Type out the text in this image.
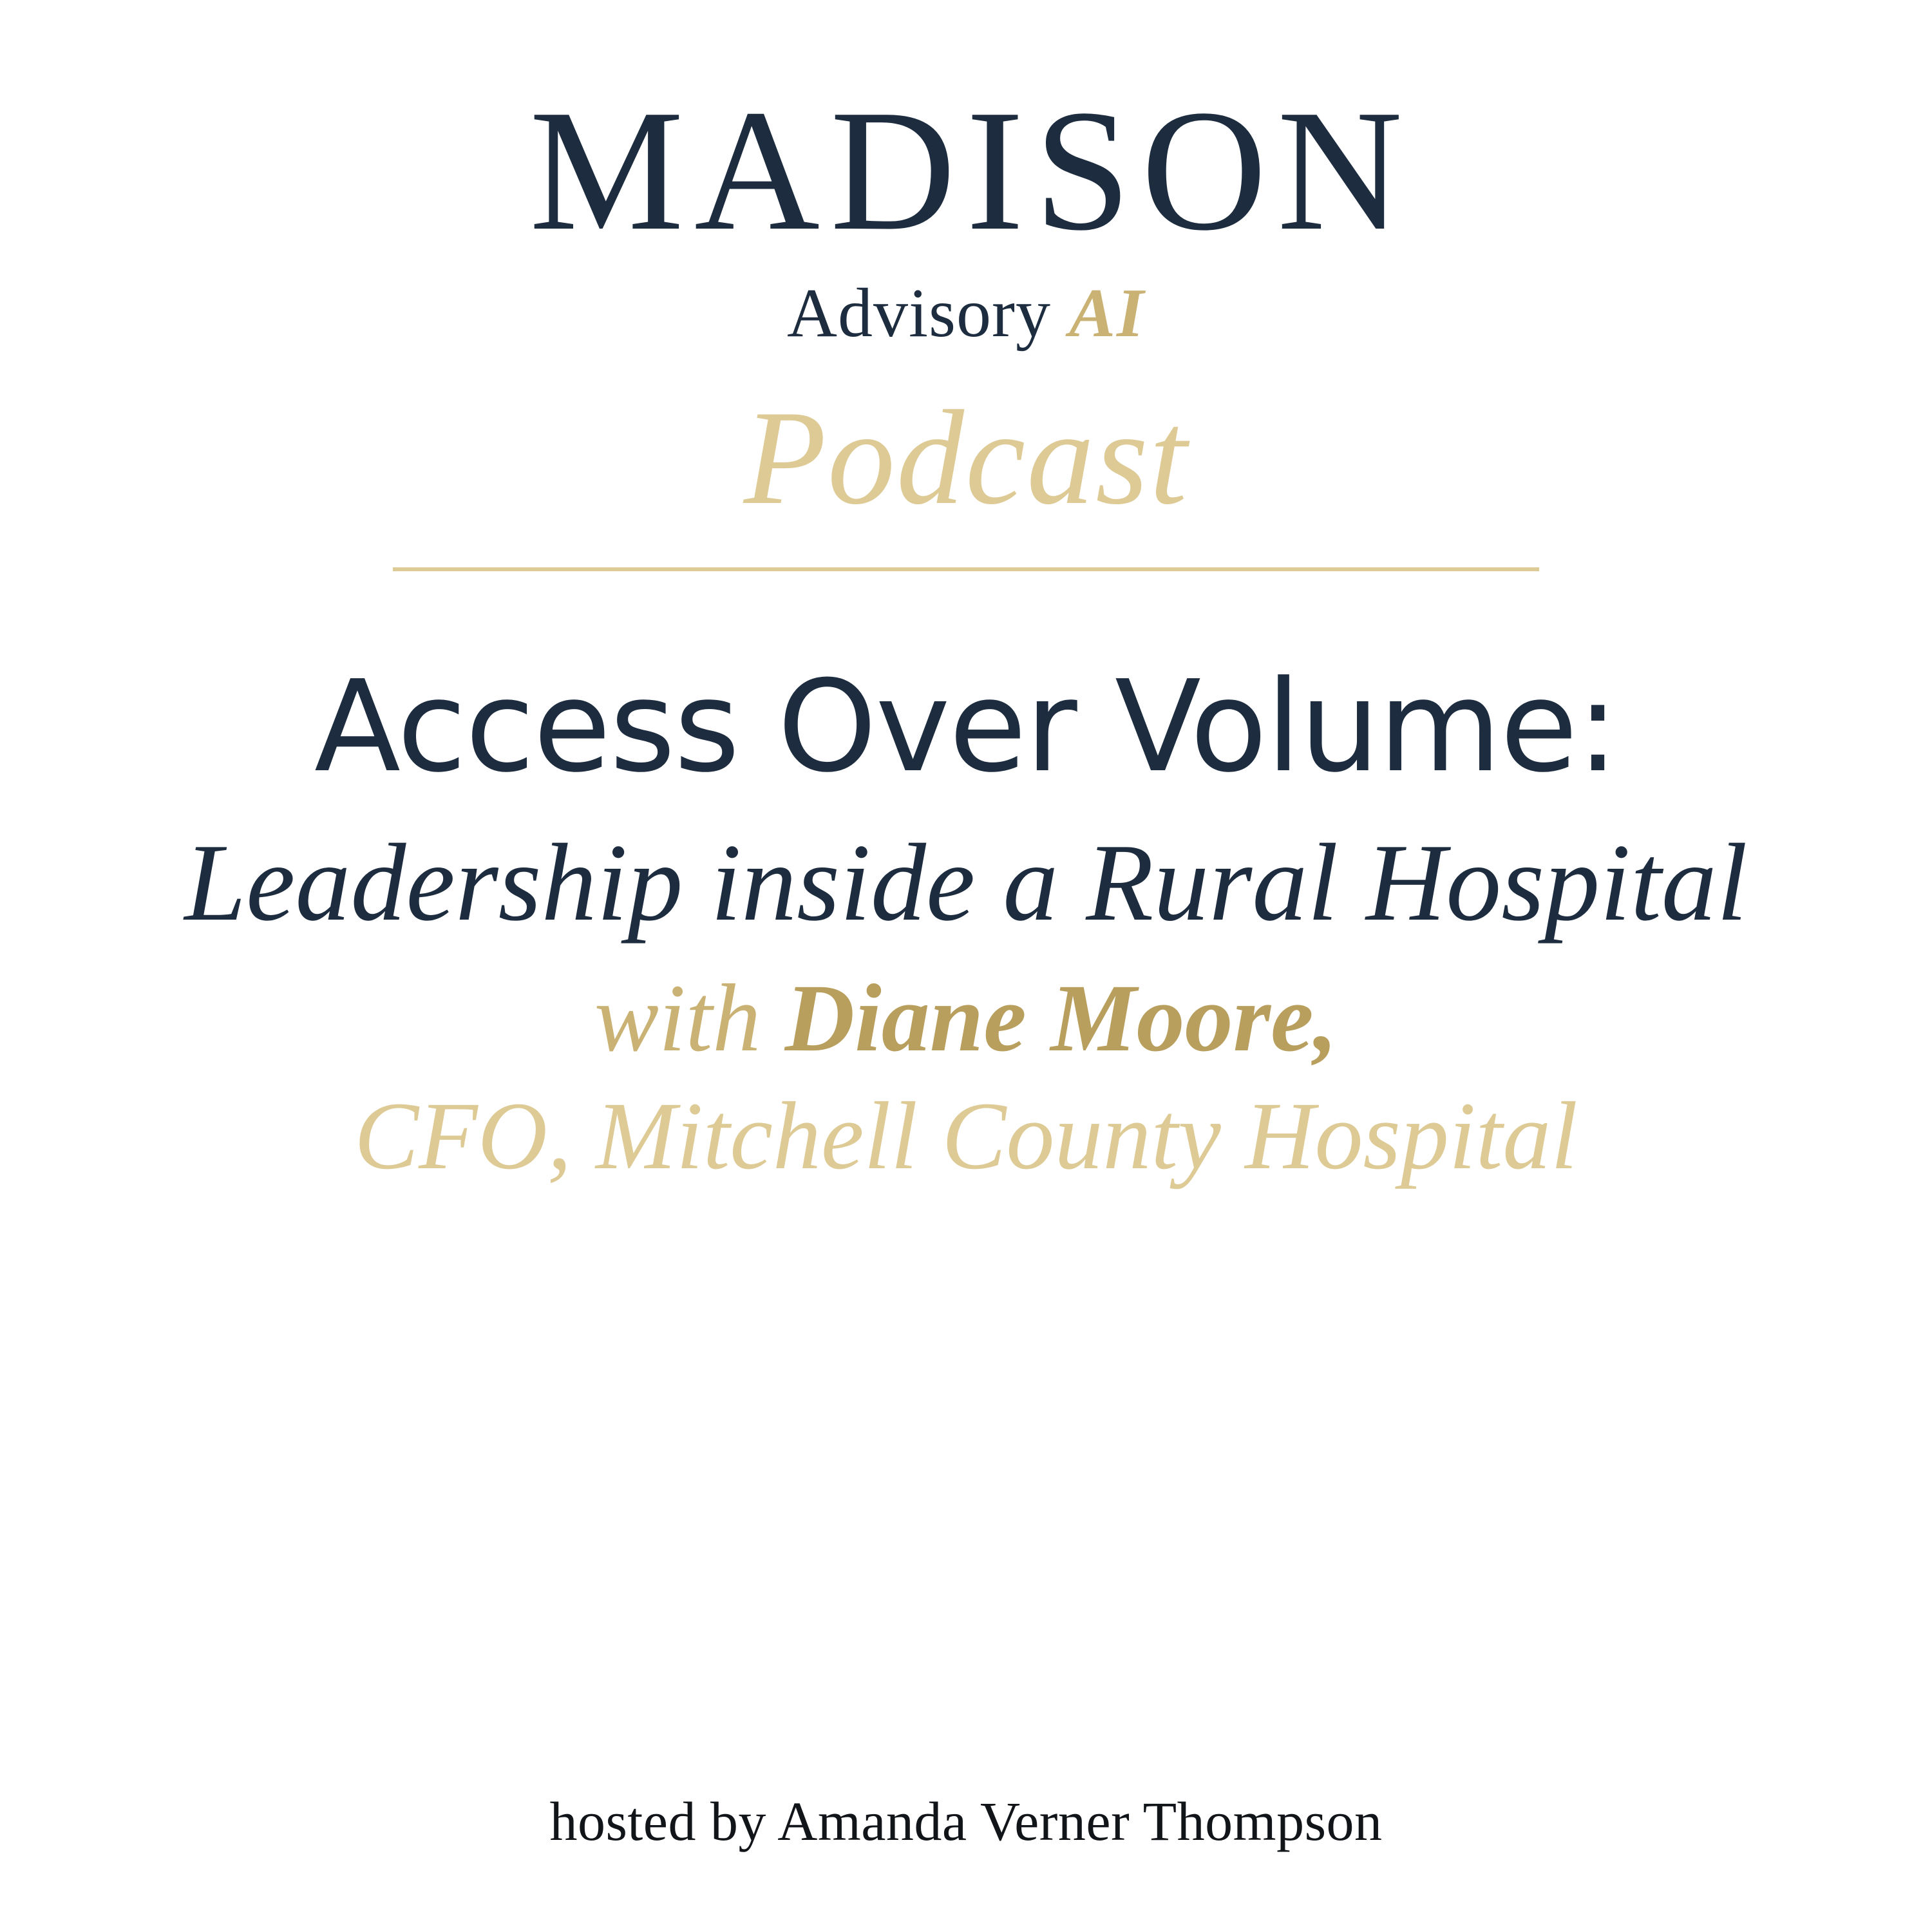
MADISON
Advisory AI
Podcast
Access Over Volume:
Leadership inside a Rural Hospital
with Diane Moore,
CFO, Mitchell County Hospital
hosted by Amanda Verner Thompson
